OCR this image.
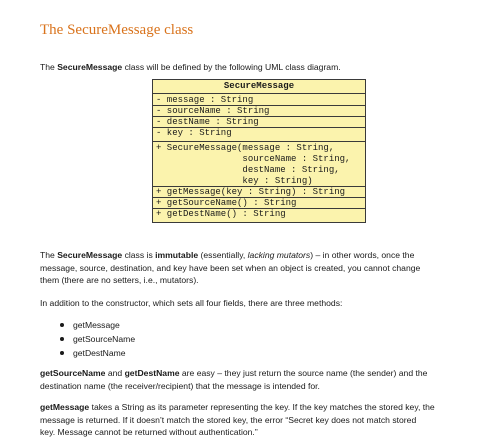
The SecureMessage class
The SecureMessage class will be defined by the following UML class diagram.
SecureMessage
- message : String
- sourceName : String
- destName : String
- key : String
+ SecureMessage(message : String,
sourceName : String,
destName : String,
key : String)
+ getMessage(key : String) : String
+ getSourceName() : String
+ getDestName() : String
The SecureMessage class is immutable (essentially, lacking mutators) – in other words, once the
message, source, destination, and key have been set when an object is created, you cannot change
them (there are no setters, i.e., mutators).
In addition to the constructor, which sets all four fields, there are three methods:
getMessage
getSourceName
getDestName
getSourceName and getDestName are easy – they just return the source name (the sender) and the
destination name (the receiver/recipient) that the message is intended for.
getMessage takes a String as its parameter representing the key. If the key matches the stored key, the
message is returned. If it doesn’t match the stored key, the error “Secret key does not match stored
key. Message cannot be returned without authentication.”
